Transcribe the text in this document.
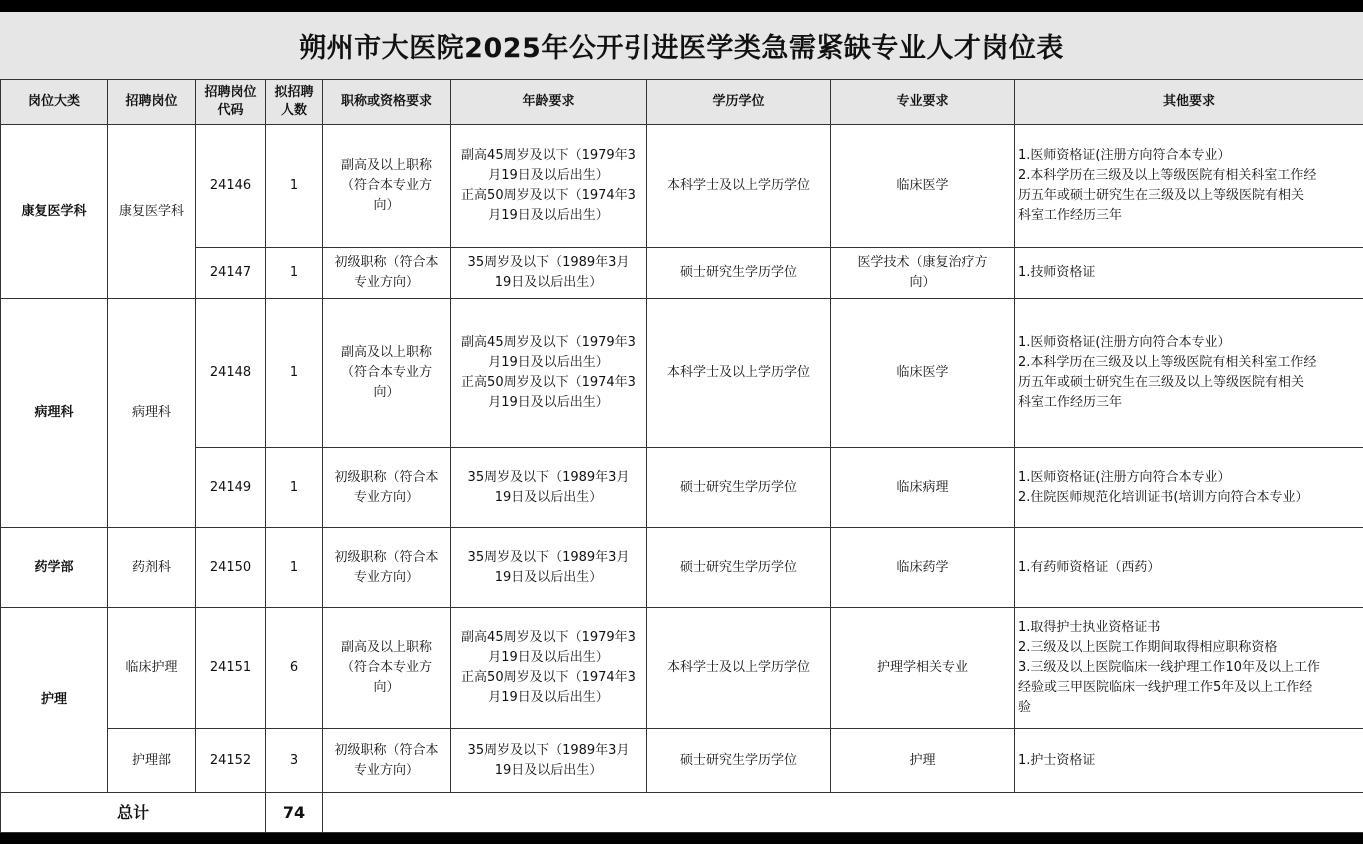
朔州市大医院2025年公开引进医学类急需紧缺专业人才岗位表
岗位大类	招聘岗位	招聘岗位代码	拟招聘人数	职称或资格要求	年龄要求	学历学位	专业要求	其他要求
康复医学科	康复医学科	24146	1	副高及以上职称
（符合本专业方
向）	副高45周岁及以下（1979年3
月19日及以后出生）
正高50周岁及以下（1974年3
月19日及以后出生）	本科学士及以上学历学位	临床医学	1.医师资格证(注册方向符合本专业）
2.本科学历在三级及以上等级医院有相关科室工作经
历五年或硕士研究生在三级及以上等级医院有相关
科室工作经历三年

		24147	1	初级职称（符合本
专业方向）	35周岁及以下（1989年3月
19日及以后出生）	硕士研究生学历学位	医学技术（康复治疗方
向）	1.技师资格证

病理科	病理科	24148	1	副高及以上职称
（符合本专业方
向）	副高45周岁及以下（1979年3
月19日及以后出生）
正高50周岁及以下（1974年3
月19日及以后出生）	本科学士及以上学历学位	临床医学	1.医师资格证(注册方向符合本专业）
2.本科学历在三级及以上等级医院有相关科室工作经
历五年或硕士研究生在三级及以上等级医院有相关
科室工作经历三年

		24149	1	初级职称（符合本
专业方向）	35周岁及以下（1989年3月
19日及以后出生）	硕士研究生学历学位	临床病理	1.医师资格证(注册方向符合本专业）
2.住院医师规范化培训证书(培训方向符合本专业）

药学部	药剂科	24150	1	初级职称（符合本
专业方向）	35周岁及以下（1989年3月
19日及以后出生）	硕士研究生学历学位	临床药学	1.有药师资格证（西药）

护理	临床护理	24151	6	副高及以上职称
（符合本专业方
向）	副高45周岁及以下（1979年3
月19日及以后出生）
正高50周岁及以下（1974年3
月19日及以后出生）	本科学士及以上学历学位	护理学相关专业	1.取得护士执业资格证书
2.三级及以上医院工作期间取得相应职称资格
3.三级及以上医院临床一线护理工作10年及以上工作
经验或三甲医院临床一线护理工作5年及以上工作经
验

	护理部	24152	3	初级职称（符合本
专业方向）	35周岁及以下（1989年3月
19日及以后出生）	硕士研究生学历学位	护理	1.护士资格证

总计			74					
